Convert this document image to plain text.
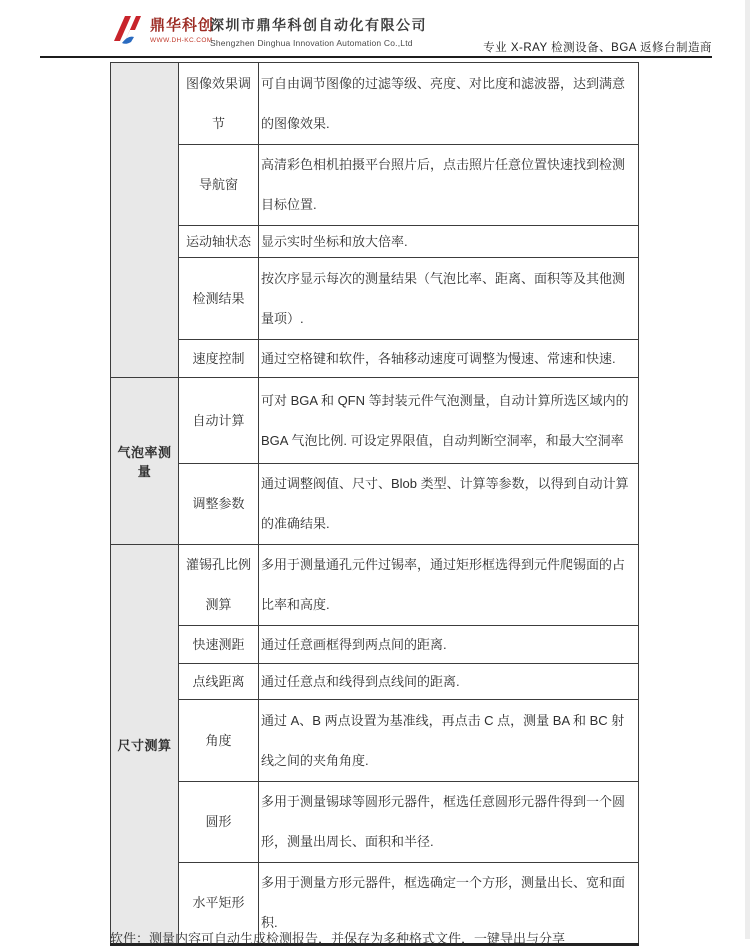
鼎华科创
WWW.DH-KC.COM
深圳市鼎华科创自动化有限公司
Shengzhen Dinghua Innovation Automation Co.,Ltd	专业 X-RAY 检测设备、BGA 返修台制造商
	图像效果调节	可自由调节图像的过滤等级、亮度、对比度和滤波器，达到满意的图像效果.
	导航窗	高清彩色相机拍摄平台照片后，点击照片任意位置快速找到检测目标位置.
	运动轴状态	显示实时坐标和放大倍率.
	检测结果	按次序显示每次的测量结果（气泡比率、距离、面积等及其他测量项）.
	速度控制	通过空格键和软件，各轴移动速度可调整为慢速、常速和快速.
气泡率测量	自动计算	可对 BGA 和 QFN 等封装元件气泡测量，自动计算所选区域内的 BGA 气泡比例. 可设定界限值，自动判断空洞率，和最大空洞率
	调整参数	通过调整阀值、尺寸、Blob 类型、计算等参数，以得到自动计算的准确结果.
尺寸测算	灌锡孔比例测算	多用于测量通孔元件过锡率，通过矩形框选得到元件爬锡面的占比率和高度.
	快速测距	通过任意画框得到两点间的距离.
	点线距离	通过任意点和线得到点线间的距离.
	角度	通过 A、B 两点设置为基准线，再点击 C 点，测量 BA 和 BC 射线之间的夹角角度.
	圆形	多用于测量锡球等圆形元器件，框选任意圆形元器件得到一个圆形，测量出周长、面积和半径.
	水平矩形	多用于测量方形元器件，框选确定一个方形，测量出长、宽和面积.
软件：测量内容可自动生成检测报告，并保存为多种格式文件，一键导出与分享
